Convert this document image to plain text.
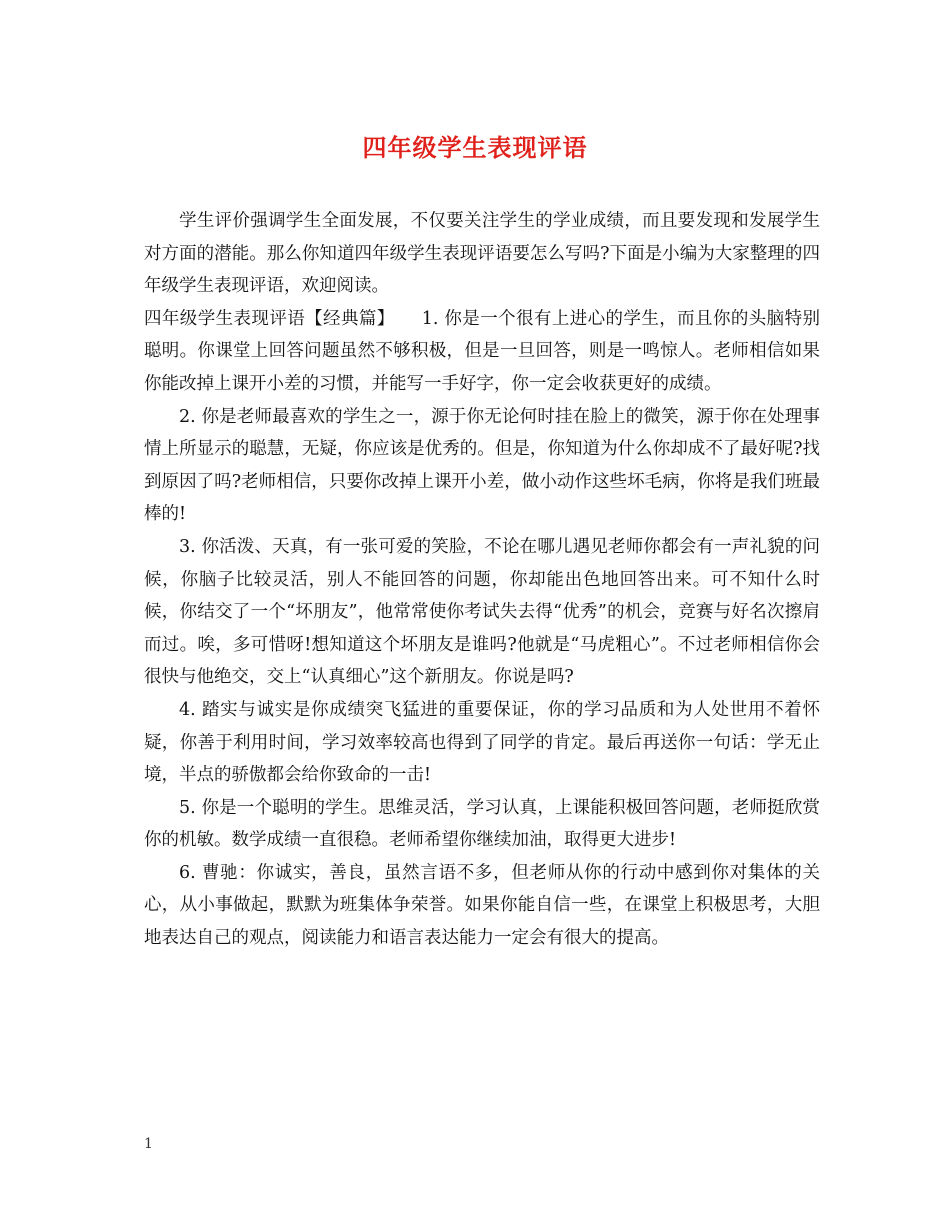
四年级学生表现评语

学生评价强调学生全面发展，不仅要关注学生的学业成绩，而且要发现和发展学生对方面的潜能。那么你知道四年级学生表现评语要怎么写吗?下面是小编为大家整理的四年级学生表现评语，欢迎阅读。

四年级学生表现评语【经典篇】　　1. 你是一个很有上进心的学生，而且你的头脑特别聪明。你课堂上回答问题虽然不够积极，但是一旦回答，则是一鸣惊人。老师相信如果你能改掉上课开小差的习惯，并能写一手好字，你一定会收获更好的成绩。

2. 你是老师最喜欢的学生之一，源于你无论何时挂在脸上的微笑，源于你在处理事情上所显示的聪慧，无疑，你应该是优秀的。但是，你知道为什么你却成不了最好呢?找到原因了吗?老师相信，只要你改掉上课开小差，做小动作这些坏毛病，你将是我们班最棒的!

3. 你活泼、天真，有一张可爱的笑脸，不论在哪儿遇见老师你都会有一声礼貌的问候，你脑子比较灵活，别人不能回答的问题，你却能出色地回答出来。可不知什么时候，你结交了一个“坏朋友”，他常常使你考试失去得“优秀”的机会，竞赛与好名次擦肩而过。唉，多可惜呀!想知道这个坏朋友是谁吗?他就是“马虎粗心”。不过老师相信你会很快与他绝交，交上“认真细心”这个新朋友。你说是吗?

4. 踏实与诚实是你成绩突飞猛进的重要保证，你的学习品质和为人处世用不着怀疑，你善于利用时间，学习效率较高也得到了同学的肯定。最后再送你一句话：学无止境，半点的骄傲都会给你致命的一击!

5. 你是一个聪明的学生。思维灵活，学习认真，上课能积极回答问题，老师挺欣赏你的机敏。数学成绩一直很稳。老师希望你继续加油，取得更大进步!

6. 曹驰：你诚实，善良，虽然言语不多，但老师从你的行动中感到你对集体的关心，从小事做起，默默为班集体争荣誉。如果你能自信一些，在课堂上积极思考，大胆地表达自己的观点，阅读能力和语言表达能力一定会有很大的提高。

1
